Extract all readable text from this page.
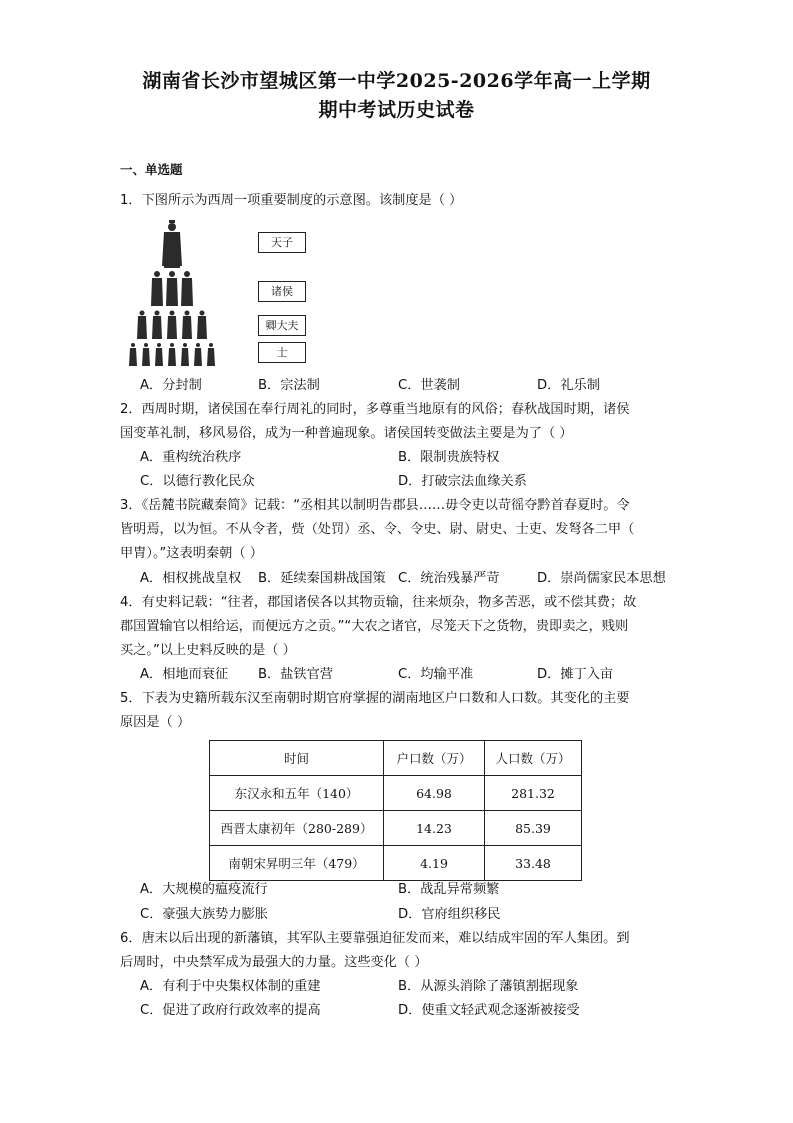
湖南省长沙市望城区第一中学2025-2026学年高一上学期
期中考试历史试卷
一、单选题
1．下图所示为西周一项重要制度的示意图。该制度是（ ）
天子
诸侯
卿大夫
士
A．分封制	B．宗法制	C．世袭制	D．礼乐制
2．西周时期，诸侯国在奉行周礼的同时，多尊重当地原有的风俗；春秋战国时期，诸侯
国变革礼制，移风易俗，成为一种普遍现象。诸侯国转变做法主要是为了（ ）
A．重构统治秩序	B．限制贵族特权
C．以德行教化民众	D．打破宗法血缘关系
3．《岳麓书院藏秦简》记载：“丞相其以制明告郡县……毋令吏以苛徭夺黔首春夏时。令
皆明焉，以为恒。不从令者，赀（处罚）丞、令、令史、尉、尉史、士吏、发弩各二甲（
甲胄）。”这表明秦朝（ ）
A．相权挑战皇权 B．延续秦国耕战国策 C．统治残暴严苛	D．崇尚儒家民本思想
4．有史料记载：“往者，郡国诸侯各以其物贡输，往来烦杂，物多苦恶，或不偿其费；故
郡国置输官以相给运，而便远方之贡。”“大农之诸官，尽笼天下之货物，贵即卖之，贱则
买之。”以上史料反映的是（ ）
A．相地而衰征 B．盐铁官营	C．均输平准	D．摊丁入亩
5．下表为史籍所载东汉至南朝时期官府掌握的湖南地区户口数和人口数。其变化的主要
原因是（ ）
时间	户口数（万）	人口数（万）
东汉永和五年（140）	64.98	281.32
西晋太康初年（280-289）	14.23	85.39
南朝宋昇明三年（479）	4.19	33.48
A．大规模的瘟疫流行	B．战乱异常频繁
C．豪强大族势力膨胀	D．官府组织移民
6．唐末以后出现的新藩镇，其军队主要靠强迫征发而来，难以结成牢固的军人集团。到
后周时，中央禁军成为最强大的力量。这些变化（ ）
A．有利于中央集权体制的重建	B．从源头消除了藩镇割据现象
C．促进了政府行政效率的提高	D．使重文轻武观念逐渐被接受
